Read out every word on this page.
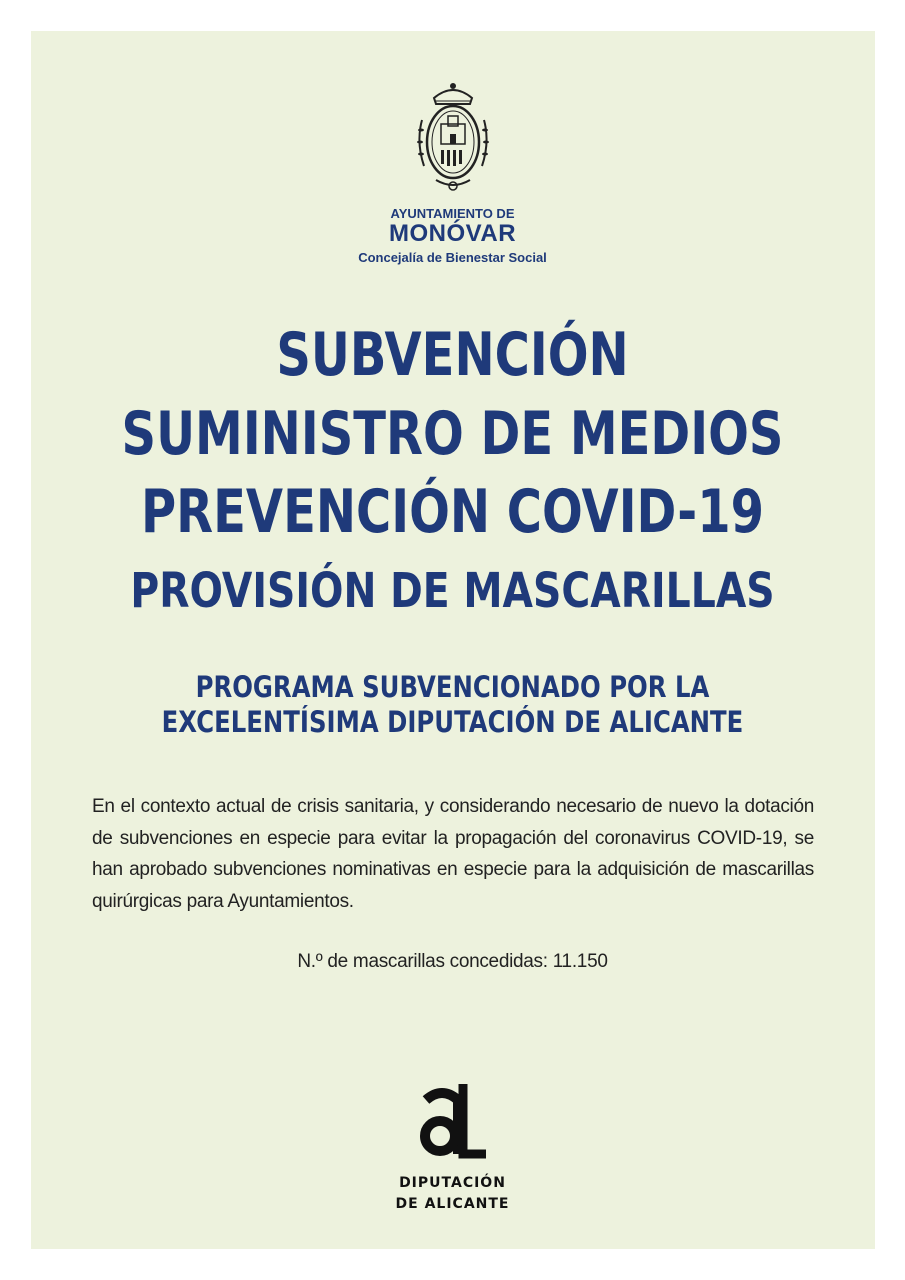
AYUNTAMIENTO DE
MONÓVAR
Concejalía de Bienestar Social
SUBVENCIÓN
SUMINISTRO DE MEDIOS
PREVENCIÓN COVID-19
PROVISIÓN DE MASCARILLAS
PROGRAMA SUBVENCIONADO POR LA
EXCELENTÍSIMA DIPUTACIÓN DE ALICANTE
En el contexto actual de crisis sanitaria, y considerando necesario de nuevo la dotación de subvenciones en especie para evitar la propagación del coronavirus COVID-19, se han aprobado subvenciones nominativas en especie para la adquisición de mascarillas quirúrgicas para Ayuntamientos.
N.º de mascarillas concedidas: 11.150
DIPUTACIÓN
DE ALICANTE
